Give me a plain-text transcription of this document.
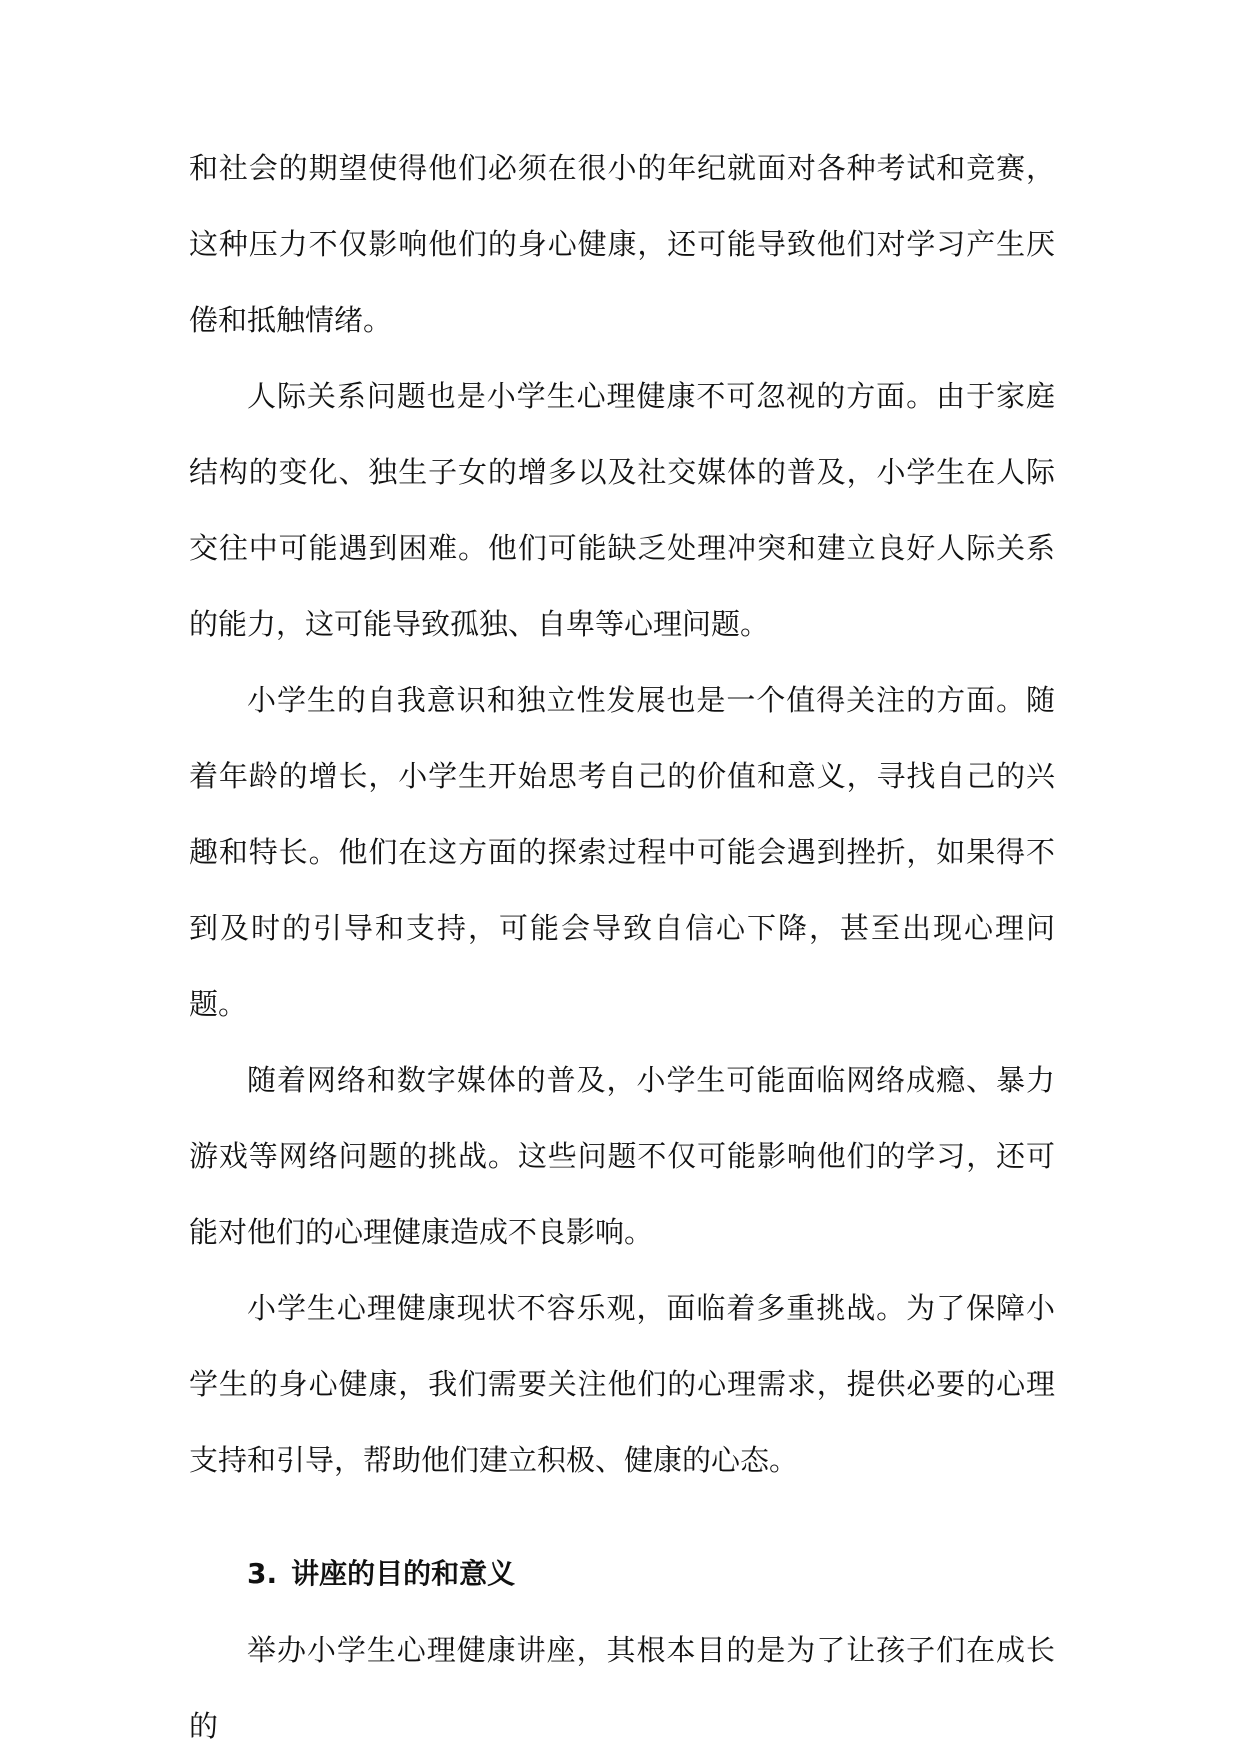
和社会的期望使得他们必须在很小的年纪就面对各种考试和竞赛，这种压力不仅影响他们的身心健康，还可能导致他们对学习产生厌倦和抵触情绪。

人际关系问题也是小学生心理健康不可忽视的方面。由于家庭结构的变化、独生子女的增多以及社交媒体的普及，小学生在人际交往中可能遇到困难。他们可能缺乏处理冲突和建立良好人际关系的能力，这可能导致孤独、自卑等心理问题。

小学生的自我意识和独立性发展也是一个值得关注的方面。随着年龄的增长，小学生开始思考自己的价值和意义，寻找自己的兴趣和特长。他们在这方面的探索过程中可能会遇到挫折，如果得不到及时的引导和支持，可能会导致自信心下降，甚至出现心理问题。

随着网络和数字媒体的普及，小学生可能面临网络成瘾、暴力游戏等网络问题的挑战。这些问题不仅可能影响他们的学习，还可能对他们的心理健康造成不良影响。

小学生心理健康现状不容乐观，面临着多重挑战。为了保障小学生的身心健康，我们需要关注他们的心理需求，提供必要的心理支持和引导，帮助他们建立积极、健康的心态。

3. 讲座的目的和意义

举办小学生心理健康讲座，其根本目的是为了让孩子们在成长的
